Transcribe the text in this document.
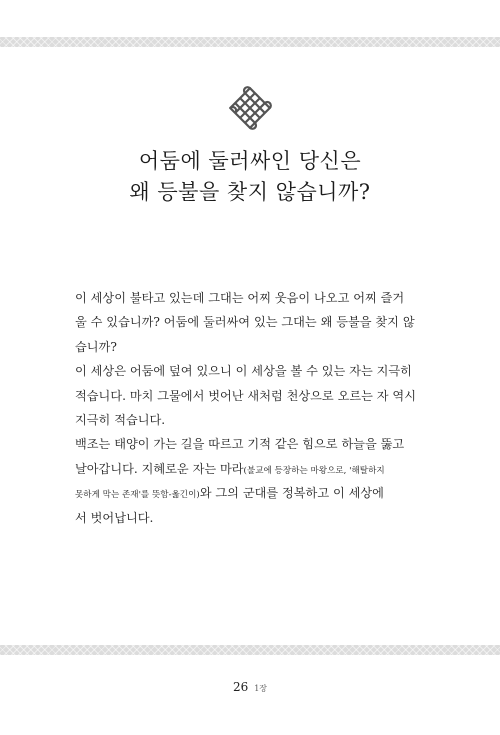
어둠에 둘러싸인 당신은
왜 등불을 찾지 않습니까?
이 세상이 불타고 있는데 그대는 어찌 웃음이 나오고 어찌 즐거
울 수 있습니까? 어둠에 둘러싸여 있는 그대는 왜 등불을 찾지 않
습니까?
이 세상은 어둠에 덮여 있으니 이 세상을 볼 수 있는 자는 지극히
적습니다. 마치 그물에서 벗어난 새처럼 천상으로 오르는 자 역시
지극히 적습니다.
백조는 태양이 가는 길을 따르고 기적 같은 힘으로 하늘을 뚫고
날아갑니다. 지혜로운 자는 마라(불교에 등장하는 마왕으로, '해탈하지
못하게 막는 존재'를 뜻함-옮긴이)와 그의 군대를 정복하고 이 세상에
서 벗어납니다.
26 1장
